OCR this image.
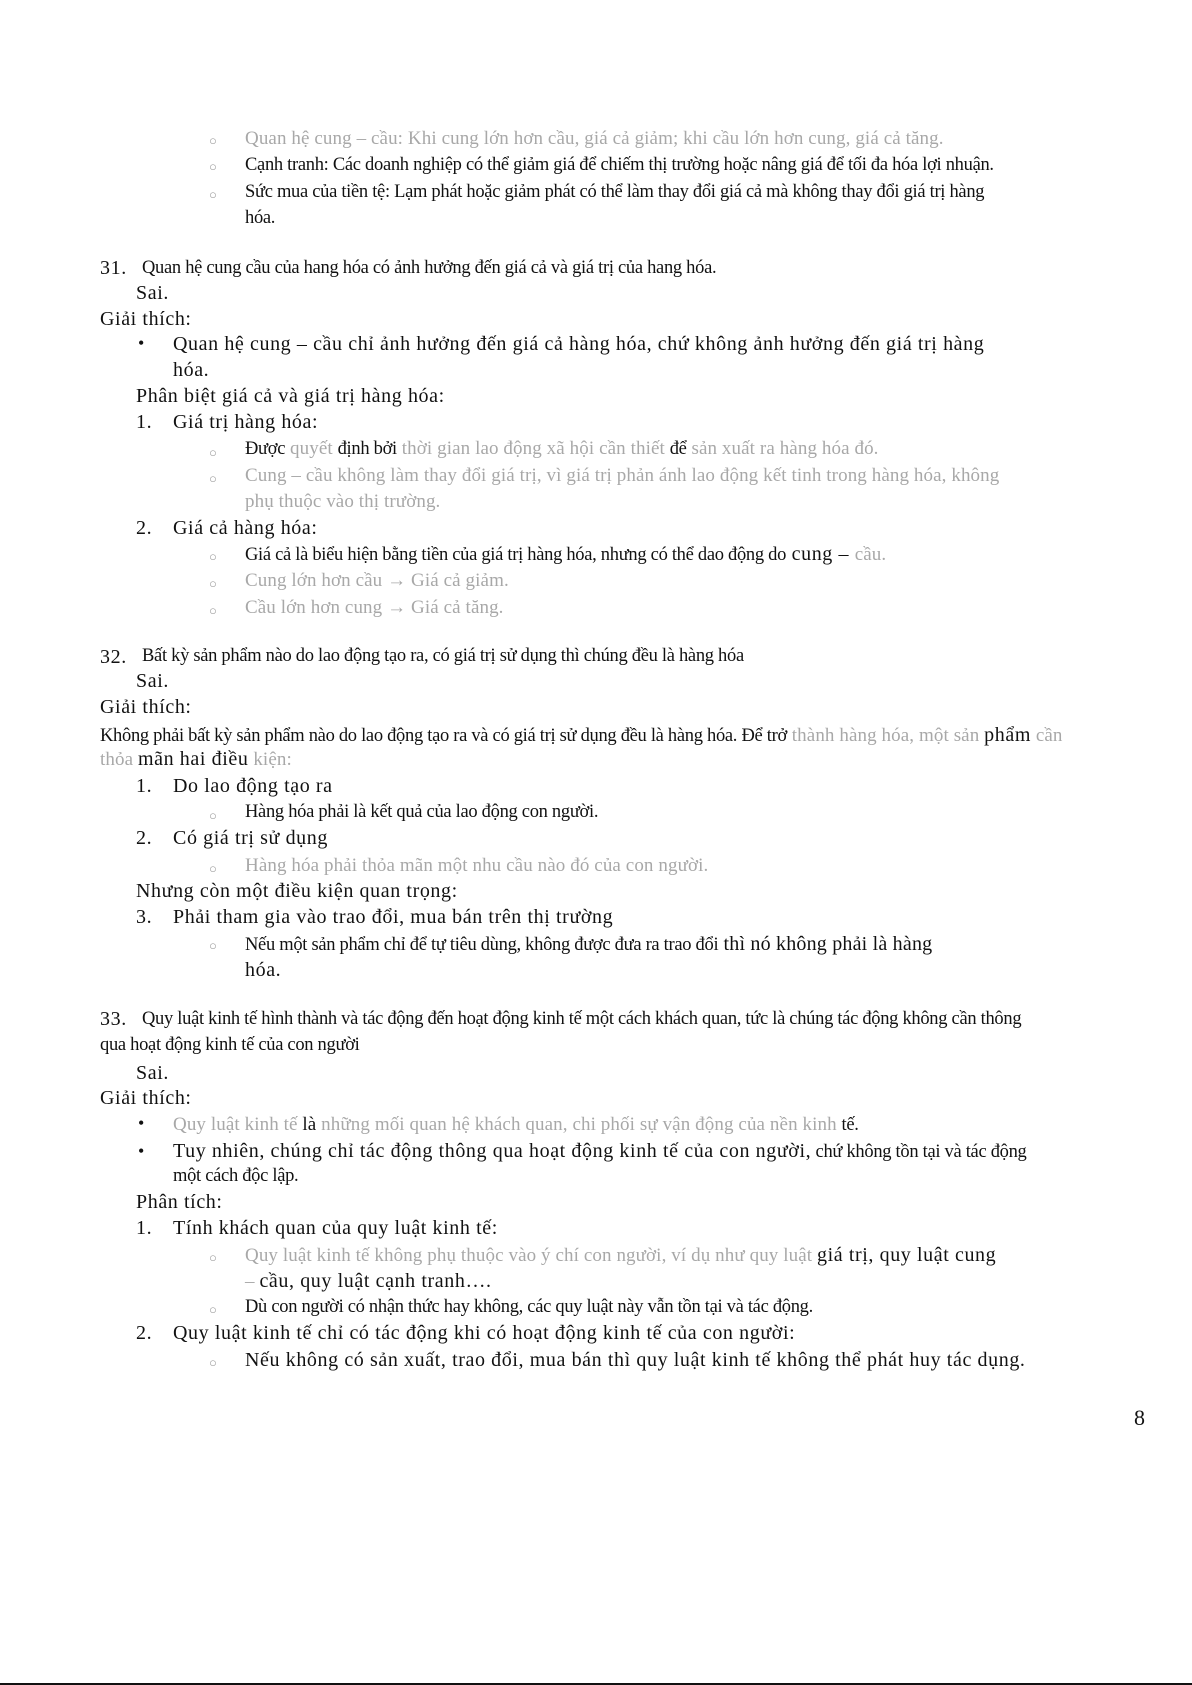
○ Quan hệ cung – cầu: Khi cung lớn hơn cầu, giá cả giảm; khi cầu lớn hơn cung, giá cả tăng.
○ Cạnh tranh: Các doanh nghiệp có thể giảm giá để chiếm thị trường hoặc nâng giá để tối đa hóa lợi nhuận.
○ Sức mua của tiền tệ: Lạm phát hoặc giảm phát có thể làm thay đổi giá cả mà không thay đổi giá trị hàng
hóa.
31. Quan hệ cung cầu của hang hóa có ảnh hưởng đến giá cả và giá trị của hang hóa.
Sai.
Giải thích:
• Quan hệ cung – cầu chỉ ảnh hưởng đến giá cả hàng hóa, chứ không ảnh hưởng đến giá trị hàng
hóa.
Phân biệt giá cả và giá trị hàng hóa:
1. Giá trị hàng hóa:
○ Được quyết định bởi thời gian lao động xã hội cần thiết để sản xuất ra hàng hóa đó.
○ Cung – cầu không làm thay đổi giá trị, vì giá trị phản ánh lao động kết tinh trong hàng hóa, không
phụ thuộc vào thị trường.
2. Giá cả hàng hóa:
○ Giá cả là biểu hiện bằng tiền của giá trị hàng hóa, nhưng có thể dao động do cung – cầu.
○ Cung lớn hơn cầu → Giá cả giảm.
○ Cầu lớn hơn cung → Giá cả tăng.
32. Bất kỳ sản phẩm nào do lao động tạo ra, có giá trị sử dụng thì chúng đều là hàng hóa
Sai.
Giải thích:
Không phải bất kỳ sản phẩm nào do lao động tạo ra và có giá trị sử dụng đều là hàng hóa. Để trở thành hàng hóa, một sản phẩm cần
thỏa mãn hai điều kiện:
1. Do lao động tạo ra
○ Hàng hóa phải là kết quả của lao động con người.
2. Có giá trị sử dụng
○ Hàng hóa phải thỏa mãn một nhu cầu nào đó của con người.
Nhưng còn một điều kiện quan trọng:
3. Phải tham gia vào trao đổi, mua bán trên thị trường
○ Nếu một sản phẩm chỉ để tự tiêu dùng, không được đưa ra trao đổi thì nó không phải là hàng
hóa.
33. Quy luật kinh tế hình thành và tác động đến hoạt động kinh tế một cách khách quan, tức là chúng tác động không cần thông
qua hoạt động kinh tế của con người
Sai.
Giải thích:
• Quy luật kinh tế là những mối quan hệ khách quan, chi phối sự vận động của nền kinh tế.
• Tuy nhiên, chúng chỉ tác động thông qua hoạt động kinh tế của con người, chứ không tồn tại và tác động
một cách độc lập.
Phân tích:
1. Tính khách quan của quy luật kinh tế:
○ Quy luật kinh tế không phụ thuộc vào ý chí con người, ví dụ như quy luật giá trị, quy luật cung
– cầu, quy luật cạnh tranh….
○ Dù con người có nhận thức hay không, các quy luật này vẫn tồn tại và tác động.
2. Quy luật kinh tế chỉ có tác động khi có hoạt động kinh tế của con người:
○ Nếu không có sản xuất, trao đổi, mua bán thì quy luật kinh tế không thể phát huy tác dụng.
8
